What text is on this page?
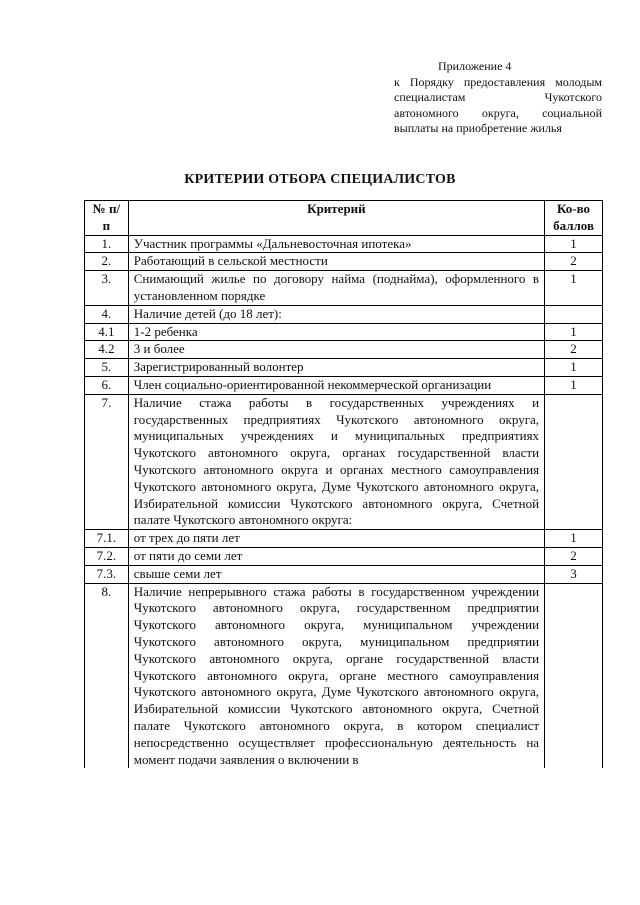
Приложение 4
к Порядку предоставления молодым
специалистам Чукотского
автономного округа, социальной
выплаты на приобретение жилья
КРИТЕРИИ ОТБОРА СПЕЦИАЛИСТОВ
№ п/п	Критерий	Ко-во баллов
1.	Участник программы «Дальневосточная ипотека»	1
2.	Работающий в сельской местности	2
3.	Снимающий жилье по договору найма (поднайма), оформленного в установленном порядке	1
4.	Наличие детей (до 18 лет):	
4.1	1-2 ребенка	1
4.2	3 и более	2
5.	Зарегистрированный волонтер	1
6.	Член социально-ориентированной некоммерческой организации	1
7.	Наличие стажа работы в государственных учреждениях и государственных предприятиях Чукотского автономного округа, муниципальных учреждениях и муниципальных предприятиях Чукотского автономного округа, органах государственной власти Чукотского автономного округа и органах местного самоуправления Чукотского автономного округа, Думе Чукотского автономного округа, Избирательной комиссии Чукотского автономного округа, Счетной палате Чукотского автономного округа:	
7.1.	от трех до пяти лет	1
7.2.	от пяти до семи лет	2
7.3.	свыше семи лет	3
8.	Наличие непрерывного стажа работы в государственном учреждении Чукотского автономного округа, государственном предприятии Чукотского автономного округа, муниципальном учреждении Чукотского автономного округа, муниципальном предприятии Чукотского автономного округа, органе государственной власти Чукотского автономного округа, органе местного самоуправления Чукотского автономного округа, Думе Чукотского автономного округа, Избирательной комиссии Чукотского автономного округа, Счетной палате Чукотского автономного округа, в котором специалист непосредственно осуществляет профессиональную деятельность на момент подачи заявления о включении в	
